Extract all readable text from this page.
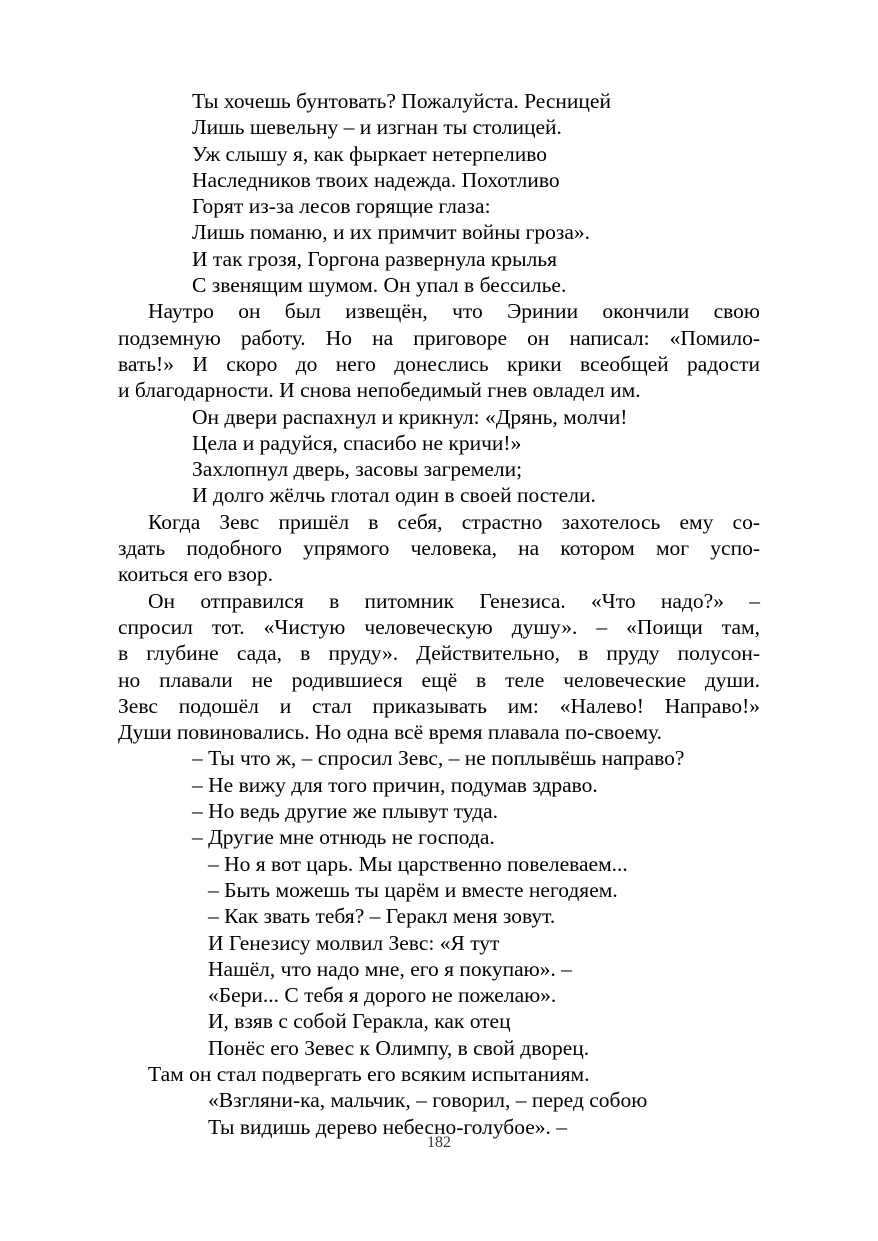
Ты хочешь бунтовать? Пожалуйста. Ресницей
Лишь шевельну – и изгнан ты столицей.
Уж слышу я, как фыркает нетерпеливо
Наследников твоих надежда. Похотливо
Горят из-за лесов горящие глаза:
Лишь поманю, и их примчит войны гроза».
И так грозя, Горгона развернула крылья
С звенящим шумом. Он упал в бессилье.
Наутро он был извещён, что Эринии окончили свою
подземную работу. Но на приговоре он написал: «Помило-
вать!» И скоро до него донеслись крики всеобщей радости
и благодарности. И снова непобедимый гнев овладел им.
Он двери распахнул и крикнул: «Дрянь, молчи!
Цела и радуйся, спасибо не кричи!»
Захлопнул дверь, засовы загремели;
И долго жёлчь глотал один в своей постели.
Когда Зевс пришёл в себя, страстно захотелось ему со-
здать подобного упрямого человека, на котором мог успо-
коиться его взор.
Он отправился в питомник Генезиса. «Что надо?» –
спросил тот. «Чистую человеческую душу». – «Поищи там,
в глубине сада, в пруду». Действительно, в пруду полусон-
но плавали не родившиеся ещё в теле человеческие души.
Зевс подошёл и стал приказывать им: «Налево! Направо!»
Души повиновались. Но одна всё время плавала по-своему.
– Ты что ж, – спросил Зевс, – не поплывёшь направо?
– Не вижу для того причин, подумав здраво.
– Но ведь другие же плывут туда.
– Другие мне отнюдь не господа.
– Но я вот царь. Мы царственно повелеваем...
– Быть можешь ты царём и вместе негодяем.
– Как звать тебя? – Геракл меня зовут.
И Генезису молвил Зевс: «Я тут
Нашёл, что надо мне, его я покупаю». –
«Бери... С тебя я дорого не пожелаю».
И, взяв с собой Геракла, как отец
Понёс его Зевес к Олимпу, в свой дворец.
Там он стал подвергать его всяким испытаниям.
«Взгляни-ка, мальчик, – говорил, – перед собою
Ты видишь дерево небесно-голубое». –
182
